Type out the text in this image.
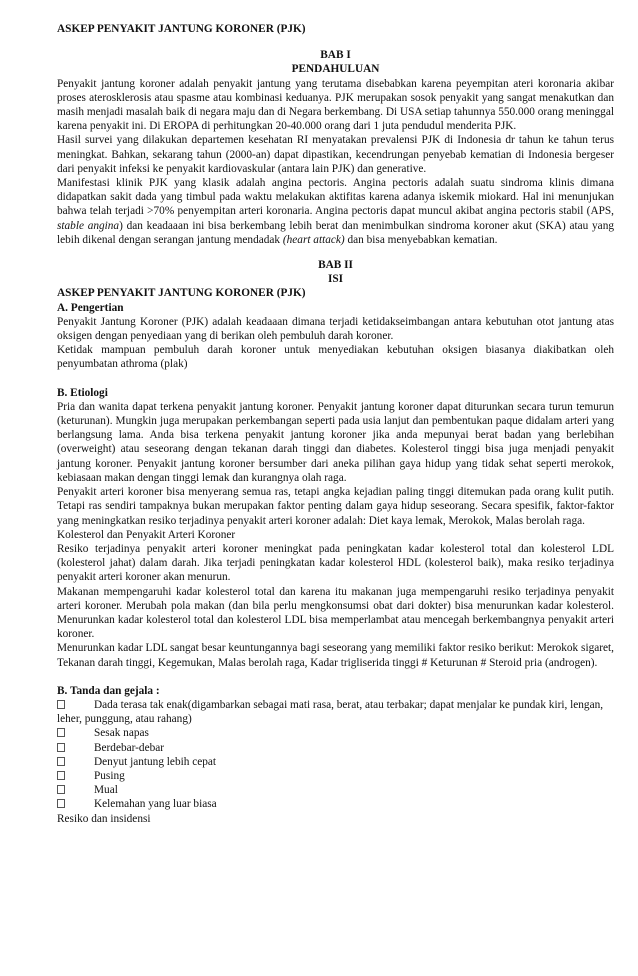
ASKEP PENYAKIT JANTUNG KORONER (PJK)
BAB I
PENDAHULUAN

Penyakit jantung koroner adalah penyakit jantung yang terutama disebabkan karena peyempitan ateri koronaria akibar proses aterosklerosis atau spasme atau kombinasi keduanya. PJK merupakan sosok penyakit yang sangat menakutkan dan masih menjadi masalah baik di negara maju dan di Negara berkembang. Di USA setiap tahunnya 550.000 orang meninggal karena penyakit ini. Di EROPA di perhitungkan 20-40.000 orang dari 1 juta pendudul menderita PJK.

Hasil survei yang dilakukan departemen kesehatan RI menyatakan prevalensi PJK di Indonesia dr tahun ke tahun terus meningkat. Bahkan, sekarang tahun (2000-an) dapat dipastikan, kecendrungan penyebab kematian di Indonesia bergeser dari penyakit infeksi ke penyakit kardiovaskular (antara lain PJK) dan generative.

Manifestasi klinik PJK yang klasik adalah angina pectoris. Angina pectoris adalah suatu sindroma klinis dimana didapatkan sakit dada yang timbul pada waktu melakukan aktifitas karena adanya iskemik miokard. Hal ini menunjukan bahwa telah terjadi >70% penyempitan arteri koronaria. Angina pectoris dapat muncul akibat angina pectoris stabil (APS, stable angina) dan keadaaan ini bisa berkembang lebih berat dan menimbulkan sindroma koroner akut (SKA) atau yang lebih dikenal dengan serangan jantung mendadak (heart attack) dan bisa menyebabkan kematian.

BAB II
ISI
ASKEP PENYAKIT JANTUNG KORONER (PJK)
A. Pengertian

Penyakit Jantung Koroner (PJK) adalah keadaaan dimana terjadi ketidakseimbangan antara kebutuhan otot jantung atas oksigen dengan penyediaan yang di berikan oleh pembuluh darah koroner.

Ketidak mampuan pembuluh darah koroner untuk menyediakan kebutuhan oksigen biasanya diakibatkan oleh penyumbatan athroma (plak)

B. Etiologi

Pria dan wanita dapat terkena penyakit jantung koroner. Penyakit jantung koroner dapat diturunkan secara turun temurun (keturunan). Mungkin juga merupakan perkembangan seperti pada usia lanjut dan pembentukan paque didalam arteri yang berlangsung lama. Anda bisa terkena penyakit jantung koroner jika anda mepunyai berat badan yang berlebihan (overweight) atau seseorang dengan tekanan darah tinggi dan diabetes. Kolesterol tinggi bisa juga menjadi penyakit jantung koroner. Penyakit jantung koroner bersumber dari aneka pilihan gaya hidup yang tidak sehat seperti merokok, kebiasaan makan dengan tinggi lemak dan kurangnya olah raga.

Penyakit arteri koroner bisa menyerang semua ras, tetapi angka kejadian paling tinggi ditemukan pada orang kulit putih. Tetapi ras sendiri tampaknya bukan merupakan faktor penting dalam gaya hidup seseorang. Secara spesifik, faktor-faktor yang meningkatkan resiko terjadinya penyakit arteri koroner adalah: Diet kaya lemak, Merokok, Malas berolah raga.

Kolesterol dan Penyakit Arteri Koroner

Resiko terjadinya penyakit arteri koroner meningkat pada peningkatan kadar kolesterol total dan kolesterol LDL (kolesterol jahat) dalam darah. Jika terjadi peningkatan kadar kolesterol HDL (kolesterol baik), maka resiko terjadinya penyakit arteri koroner akan menurun.

Makanan mempengaruhi kadar kolesterol total dan karena itu makanan juga mempengaruhi resiko terjadinya penyakit arteri koroner. Merubah pola makan (dan bila perlu mengkonsumsi obat dari dokter) bisa menurunkan kadar kolesterol. Menurunkan kadar kolesterol total dan kolesterol LDL bisa memperlambat atau mencegah berkembangnya penyakit arteri koroner.

Menurunkan kadar LDL sangat besar keuntungannya bagi seseorang yang memiliki faktor resiko berikut: Merokok sigaret, Tekanan darah tinggi, Kegemukan, Malas berolah raga, Kadar trigliserida tinggi # Keturunan # Steroid pria (androgen).

B. Tanda dan gejala :
Dada terasa tak enak(digambarkan sebagai mati rasa, berat, atau terbakar; dapat menjalar ke pundak kiri, lengan, leher, punggung, atau rahang)
Sesak napas
Berdebar-debar
Denyut jantung lebih cepat
Pusing
Mual
Kelemahan yang luar biasa

Resiko dan insidensi
